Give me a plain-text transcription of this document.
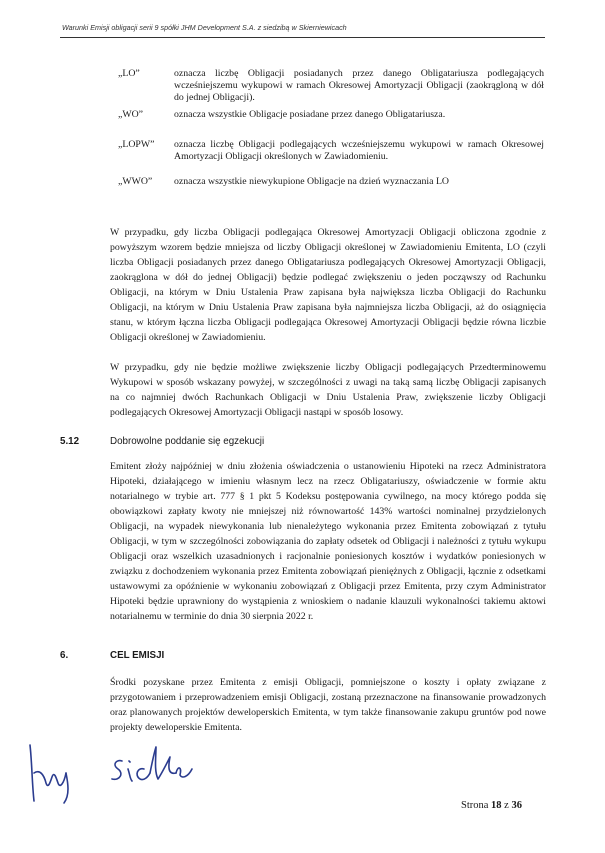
Warunki Emisji obligacji serii 9 spółki JHM Development S.A. z siedzibą w Skierniewicach
„LO”	oznacza liczbę Obligacji posiadanych przez danego Obligatariusza podlegających wcześniejszemu wykupowi w ramach Okresowej Amortyzacji Obligacji (zaokrągloną w dół do jednej Obligacji).
„WO”	oznacza wszystkie Obligacje posiadane przez danego Obligatariusza.
„LOPW” oznacza liczbę Obligacji podlegających wcześniejszemu wykupowi w ramach Okresowej Amortyzacji Obligacji określonych w Zawiadomieniu.
„WWO” oznacza wszystkie niewykupione Obligacje na dzień wyznaczania LO
W przypadku, gdy liczba Obligacji podlegająca Okresowej Amortyzacji Obligacji obliczona zgodnie z powyższym wzorem będzie mniejsza od liczby Obligacji określonej w Zawiadomieniu Emitenta, LO (czyli liczba Obligacji posiadanych przez danego Obligatariusza podlegających Okresowej Amortyzacji Obligacji, zaokrąglona w dół do jednej Obligacji) będzie podlegać zwiększeniu o jeden począwszy od Rachunku Obligacji, na którym w Dniu Ustalenia Praw zapisana była największa liczba Obligacji do Rachunku Obligacji, na którym w Dniu Ustalenia Praw zapisana była najmniejsza liczba Obligacji, aż do osiągnięcia stanu, w którym łączna liczba Obligacji podlegająca Okresowej Amortyzacji Obligacji będzie równa liczbie Obligacji określonej w Zawiadomieniu.
W przypadku, gdy nie będzie możliwe zwiększenie liczby Obligacji podlegających Przedterminowemu Wykupowi w sposób wskazany powyżej, w szczególności z uwagi na taką samą liczbę Obligacji zapisanych na co najmniej dwóch Rachunkach Obligacji w Dniu Ustalenia Praw, zwiększenie liczby Obligacji podlegających Okresowej Amortyzacji Obligacji nastąpi w sposób losowy.
5.12	Dobrowolne poddanie się egzekucji
Emitent złoży najpóźniej w dniu złożenia oświadczenia o ustanowieniu Hipoteki na rzecz Administratora Hipoteki, działającego w imieniu własnym lecz na rzecz Obligatariuszy, oświadczenie w formie aktu notarialnego w trybie art. 777 § 1 pkt 5 Kodeksu postępowania cywilnego, na mocy którego podda się obowiązkowi zapłaty kwoty nie mniejszej niż równowartość 143% wartości nominalnej przydzielonych Obligacji, na wypadek niewykonania lub nienależytego wykonania przez Emitenta zobowiązań z tytułu Obligacji, w tym w szczególności zobowiązania do zapłaty odsetek od Obligacji i należności z tytułu wykupu Obligacji oraz wszelkich uzasadnionych i racjonalnie poniesionych kosztów i wydatków poniesionych w związku z dochodzeniem wykonania przez Emitenta zobowiązań pieniężnych z Obligacji, łącznie z odsetkami ustawowymi za opóźnienie w wykonaniu zobowiązań z Obligacji przez Emitenta, przy czym Administrator Hipoteki będzie uprawniony do wystąpienia z wnioskiem o nadanie klauzuli wykonalności takiemu aktowi notarialnemu w terminie do dnia 30 sierpnia 2022 r.
6.	CEL EMISJI
Środki pozyskane przez Emitenta z emisji Obligacji, pomniejszone o koszty i opłaty związane z przygotowaniem i przeprowadzeniem emisji Obligacji, zostaną przeznaczone na finansowanie prowadzonych oraz planowanych projektów deweloperskich Emitenta, w tym także finansowanie zakupu gruntów pod nowe projekty deweloperskie Emitenta.
Strona 18 z 36
